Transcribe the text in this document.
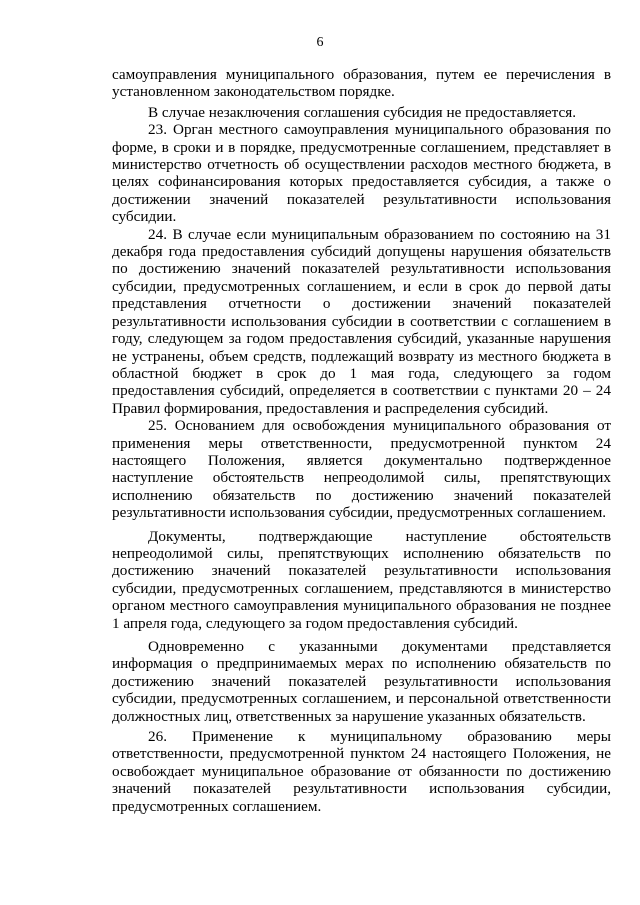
6

самоуправления муниципального образования, путем ее перечисления в установленном законодательством порядке.

В случае незаключения соглашения субсидия не предоставляется.

23. Орган местного самоуправления муниципального образования по форме, в сроки и в порядке, предусмотренные соглашением, представляет в министерство отчетность об осуществлении расходов местного бюджета, в целях софинансирования которых предоставляется субсидия, а также о достижении значений показателей результативности использования субсидии.

24. В случае если муниципальным образованием по состоянию на 31 декабря года предоставления субсидий допущены нарушения обязательств по достижению значений показателей результативности использования субсидии, предусмотренных соглашением, и если в срок до первой даты представления отчетности о достижении значений показателей результативности использования субсидии в соответствии с соглашением в году, следующем за годом предоставления субсидий, указанные нарушения не устранены, объем средств, подлежащий возврату из местного бюджета в областной бюджет в срок до 1 мая года, следующего за годом предоставления субсидий, определяется в соответствии с пунктами 20 – 24 Правил формирования, предоставления и распределения субсидий.

25. Основанием для освобождения муниципального образования от применения меры ответственности, предусмотренной пунктом 24 настоящего Положения, является документально подтвержденное наступление обстоятельств непреодолимой силы, препятствующих исполнению обязательств по достижению значений показателей результативности использования субсидии, предусмотренных соглашением.

Документы, подтверждающие наступление обстоятельств непреодолимой силы, препятствующих исполнению обязательств по достижению значений показателей результативности использования субсидии, предусмотренных соглашением, представляются в министерство органом местного самоуправления муниципального образования не позднее 1 апреля года, следующего за годом предоставления субсидий.

Одновременно с указанными документами представляется информация о предпринимаемых мерах по исполнению обязательств по достижению значений показателей результативности использования субсидии, предусмотренных соглашением, и персональной ответственности должностных лиц, ответственных за нарушение указанных обязательств.

26. Применение к муниципальному образованию меры ответственности, предусмотренной пунктом 24 настоящего Положения, не освобождает муниципальное образование от обязанности по достижению значений показателей результативности использования субсидии, предусмотренных соглашением.
